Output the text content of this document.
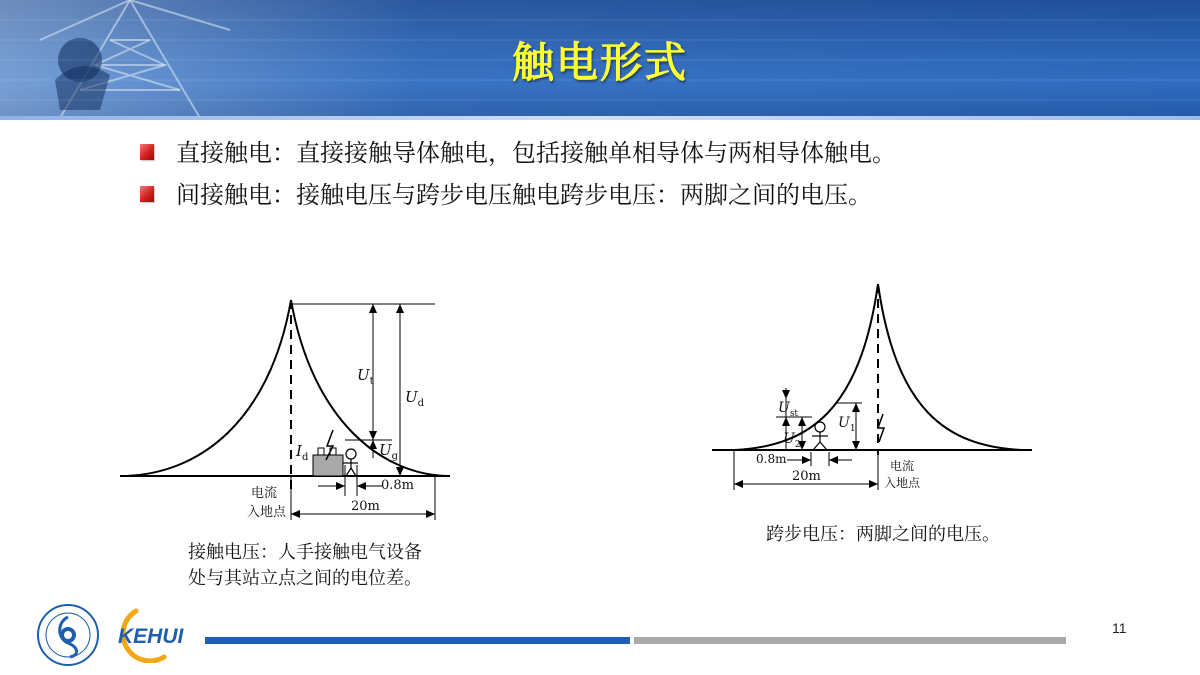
触电形式
直接触电：直接接触导体触电，包括接触单相导体与两相导体触电。
间接触电：接触电压与跨步电压触电跨步电压：两脚之间的电压。
$U_t$
$U_d$
$U_g$
$I_d$
0.8m
20m
电流
入地点
接触电压：人手接触电气设备
处与其站立点之间的电位差。
$U_{st}$
$U_1$
$U_2$
0.8m
20m
电流
入地点
跨步电压：两脚之间的电压。
KEHUI	11
